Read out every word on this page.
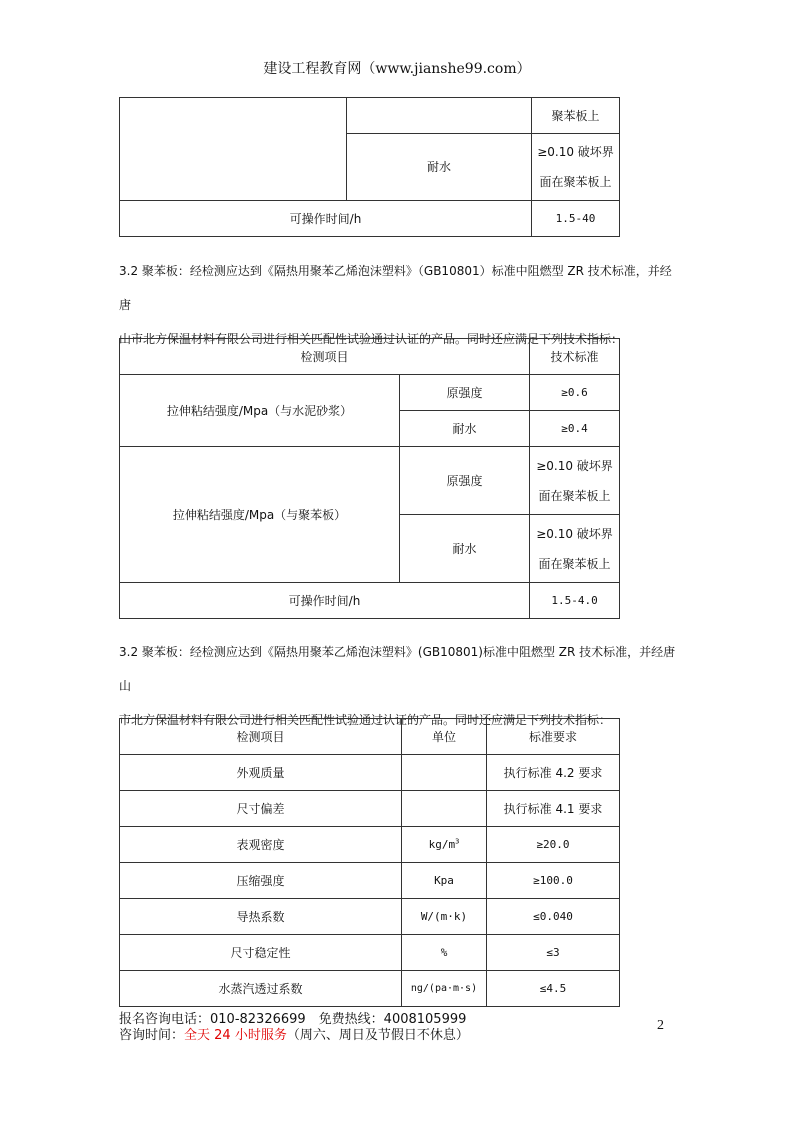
建设工程教育网（www.jianshe99.com）
		聚苯板上
	耐水	≥0.10 破坏界面在聚苯板上
可操作时间/h		1.5-40
3.2 聚苯板：经检测应达到《隔热用聚苯乙烯泡沫塑料》（GB10801）标准中阻燃型 ZR 技术标准，并经唐
山市北方保温材料有限公司进行相关匹配性试验通过认证的产品。同时还应满足下列技术指标：
检测项目		技术标准
拉伸粘结强度/Mpa（与水泥砂浆）	原强度	≥0.6
	耐水	≥0.4
拉伸粘结强度/Mpa（与聚苯板）	原强度	≥0.10 破坏界面在聚苯板上
	耐水	≥0.10 破坏界面在聚苯板上
可操作时间/h		1.5-4.0
3.2 聚苯板：经检测应达到《隔热用聚苯乙烯泡沫塑料》(GB10801)标准中阻燃型 ZR 技术标准，并经唐山
市北方保温材料有限公司进行相关匹配性试验通过认证的产品。同时还应满足下列技术指标：
检测项目	单位	标准要求
外观质量		执行标准 4.2 要求
尺寸偏差		执行标准 4.1 要求
表观密度	$kg/m^3$	≥20.0
压缩强度	Kpa	≥100.0
导热系数	W/(m·k)	≤0.040
尺寸稳定性	%	≤3
水蒸汽透过系数	ng/(pa·m·s)	≤4.5
报名咨询电话：010-82326699　免费热线：4008105999
咨询时间：全天 24 小时服务（周六、周日及节假日不休息）
2
